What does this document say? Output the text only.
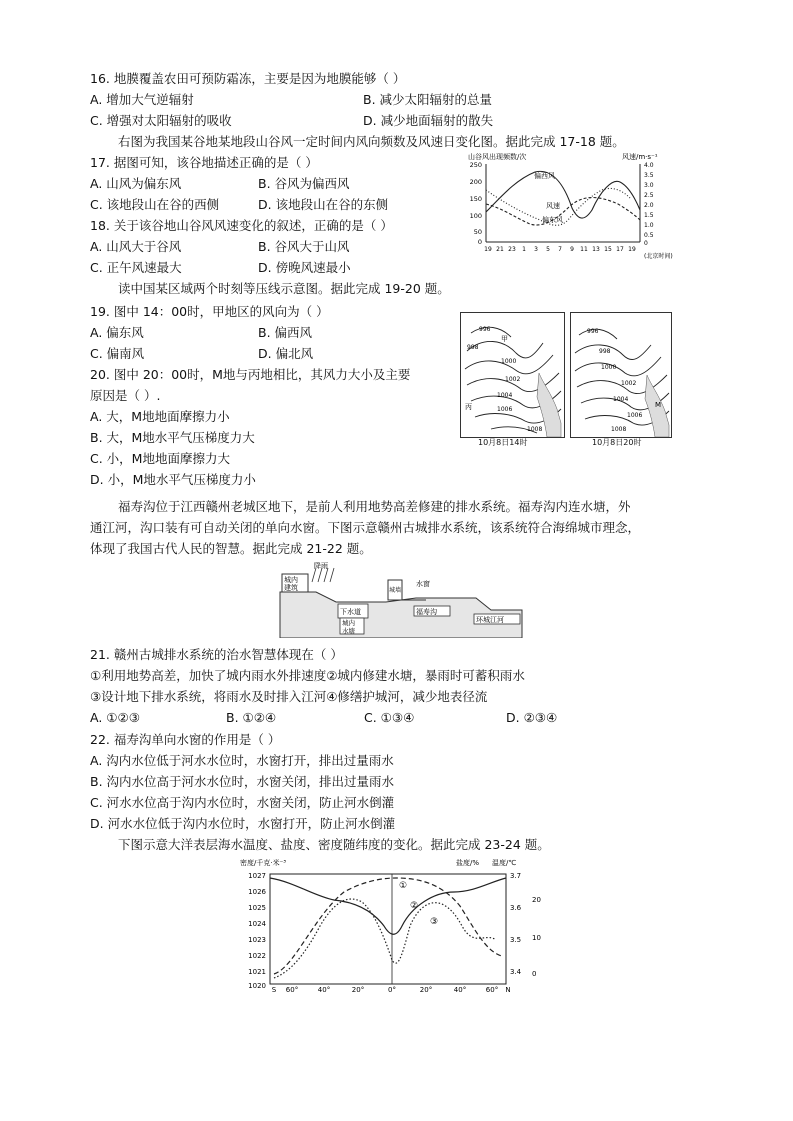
16. 地膜覆盖农田可预防霜冻，主要是因为地膜能够（ ）
A. 增加大气逆辐射	B. 减少太阳辐射的总量
C. 增强对太阳辐射的吸收	D. 减少地面辐射的散失
右图为我国某谷地某地段山谷风一定时间内风向频数及风速日变化图。据此完成 17-18 题。
17. 据图可知，该谷地描述正确的是（ ）
A. 山风为偏东风	B. 谷风为偏西风
C. 该地段山在谷的西侧	D. 该地段山在谷的东侧
18. 关于该谷地山谷风风速变化的叙述，正确的是（ ）
A. 山风大于谷风	B. 谷风大于山风
C. 正午风速最大	D. 傍晚风速最小
山谷风出现频数/次	风速/m·s⁻¹
250
200
150
100
50
0
4.0
3.5
3.0
2.5
2.0
1.5
1.0
0.5
0
偏西风
风速
偏东风
19 21 23 1 3 5 7 9 11 13 15 17 19
(北京时间)
读中国某区域两个时刻等压线示意图。据此完成 19-20 题。
19. 图中 14：00时，甲地区的风向为（ ）
A. 偏东风	B. 偏西风
C. 偏南风	D. 偏北风
20. 图中 20：00时，M地与丙地相比，其风力大小及主要
原因是（ ）.
A. 大，M地地面摩擦力小
B. 大，M地水平气压梯度力大
C. 小，M地地面摩擦力大
D. 小，M地水平气压梯度力小
996
998
1000
1002
1004
1006
1008
甲
丙
996
998
1000
1002
1004
1006
1008
M
10月8日14时	10月8日20时
福寿沟位于江西赣州老城区地下，是前人利用地势高差修建的排水系统。福寿沟内连水塘，外
通江河，沟口装有可自动关闭的单向水窗。下图示意赣州古城排水系统，该系统符合海绵城市理念，
体现了我国古代人民的智慧。据此完成 21-22 题。
城内
建筑
降雨
下水道
城内
水塘
城墙
水窗
福寿沟
环城江河
21. 赣州古城排水系统的治水智慧体现在（ ）
①利用地势高差，加快了城内雨水外排速度②城内修建水塘，暴雨时可蓄积雨水
③设计地下排水系统，将雨水及时排入江河④修缮护城河，减少地表径流
A. ①②③	B. ①②④	C. ①③④	D. ②③④
22. 福寿沟单向水窗的作用是（ ）
A. 沟内水位低于河水水位时，水窗打开，排出过量雨水
B. 沟内水位高于河水水位时，水窗关闭，排出过量雨水
C. 河水水位高于沟内水位时，水窗关闭，防止河水倒灌
D. 河水水位低于沟内水位时，水窗打开，防止河水倒灌
下图示意大洋表层海水温度、盐度、密度随纬度的变化。据此完成 23-24 题。
密度/千克·米⁻³	盐度/% 温度/℃
1027
1026
1025
1024
1023
1022
1021
1020
3.7
3.6
3.5
3.4
20
10
0
①
②
③
S 60°	40°	20°	0°	20°	40°	60° N
